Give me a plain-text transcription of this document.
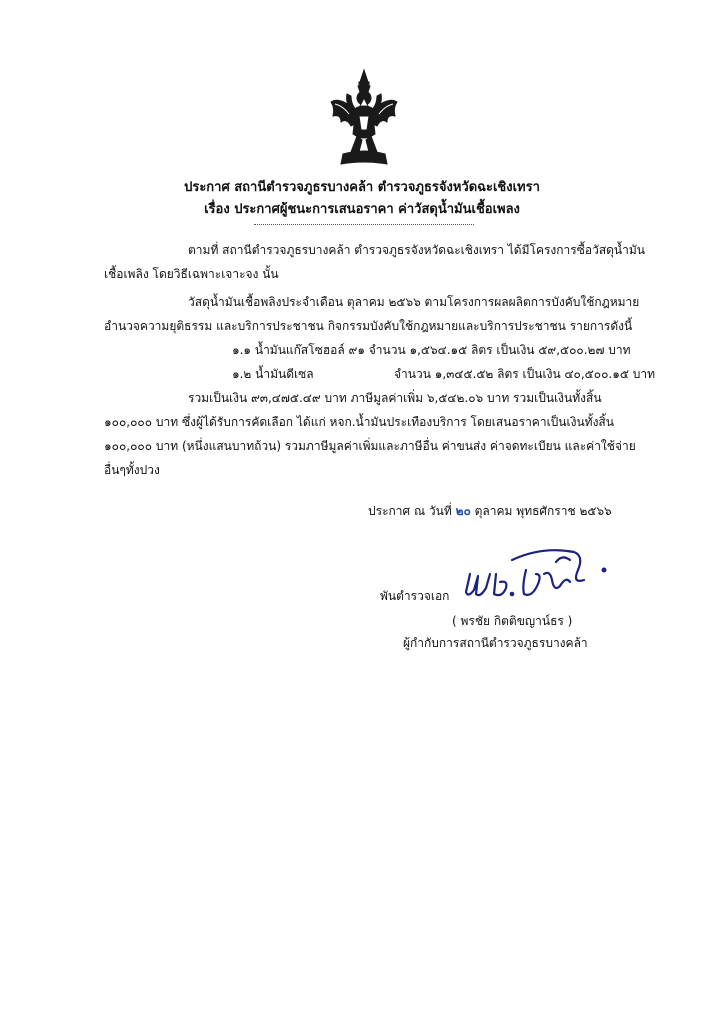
ประกาศ สถานีตำรวจภูธรบางคล้า ตำรวจภูธรจังหวัดฉะเชิงเทรา
เรื่อง ประกาศผู้ชนะการเสนอราคา ค่าวัสดุน้ำมันเชื้อเพลง
ตามที่ สถานีตำรวจภูธรบางคล้า ตำรวจภูธรจังหวัดฉะเชิงเทรา ได้มีโครงการซื้อวัสดุน้ำมัน
เชื้อเพลิง โดยวิธีเฉพาะเจาะจง นั้น
วัสดุน้ำมันเชื้อพลิงประจำเดือน ตุลาคม ๒๕๖๖ ตามโครงการผลผลิตการบังคับใช้กฎหมาย
อำนวจความยุติธรรม และบริการประชาชน กิจกรรมบังคับใช้กฎหมายและบริการประชาชน รายการดังนี้
๑.๑ น้ำมันแก๊สโซฮอล์ ๙๑ จำนวน ๑,๕๖๔.๑๕ ลิตร เป็นเงิน ๕๙,๕๐๐.๒๗ บาท
๑.๒ น้ำมันดีเซล	จำนวน ๑,๓๔๕.๕๒ ลิตร เป็นเงิน ๔๐,๕๐๐.๑๕ บาท
รวมเป็นเงิน ๙๓,๔๗๕.๔๙ บาท ภาษีมูลค่าเพิ่ม ๖,๕๔๒.๐๖ บาท รวมเป็นเงินทั้งสิ้น
๑๐๐,๐๐๐ บาท ซึ่งผู้ได้รับการคัดเลือก ได้แก่ หจก.น้ำมันประเทืองบริการ โดยเสนอราคาเป็นเงินทั้งสิ้น
๑๐๐,๐๐๐ บาท (หนึ่งแสนบาทถ้วน) รวมภาษีมูลค่าเพิ่มและภาษีอื่น ค่าขนส่ง ค่าจดทะเบียน และค่าใช้จ่าย
อื่นๆทั้งปวง
ประกาศ ณ วันที่ ๒๐ ตุลาคม พุทธศักราช ๒๕๖๖
พันตำรวจเอก
( พรชัย กิตติขญาน์ธร )
ผู้กำกับการสถานีตำรวจภูธรบางคล้า
